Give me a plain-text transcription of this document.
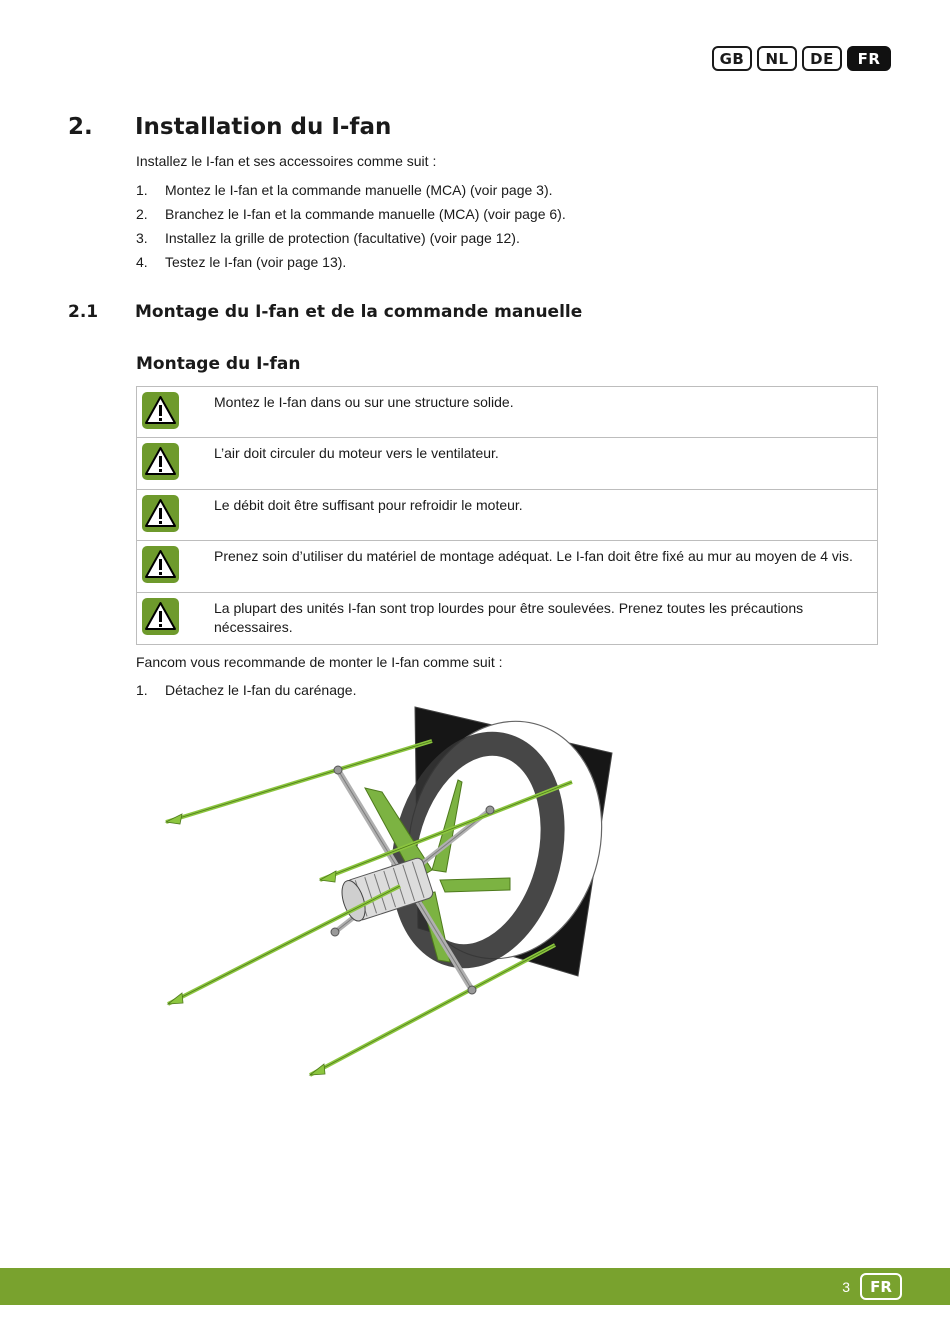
GB	NL	DE	FR
2. Installation du I-fan
Installez le I-fan et ses accessoires comme suit :
1. Montez le I-fan et la commande manuelle (MCA) (voir page 3).
2. Branchez le I-fan et la commande manuelle (MCA) (voir page 6).
3. Installez la grille de protection (facultative) (voir page 12).
4. Testez le I-fan (voir page 13).
2.1 Montage du I-fan et de la commande manuelle
Montage du I-fan
Montez le I-fan dans ou sur une structure solide.
L’air doit circuler du moteur vers le ventilateur.
Le débit doit être suffisant pour refroidir le moteur.
Prenez soin d’utiliser du matériel de montage adéquat. Le I-fan doit être fixé au mur au moyen de 4 vis.
La plupart des unités I-fan sont trop lourdes pour être soulevées. Prenez toutes les précautions nécessaires.
Fancom vous recommande de monter le I-fan comme suit :
1. Détachez le I-fan du carénage.
3	FR
